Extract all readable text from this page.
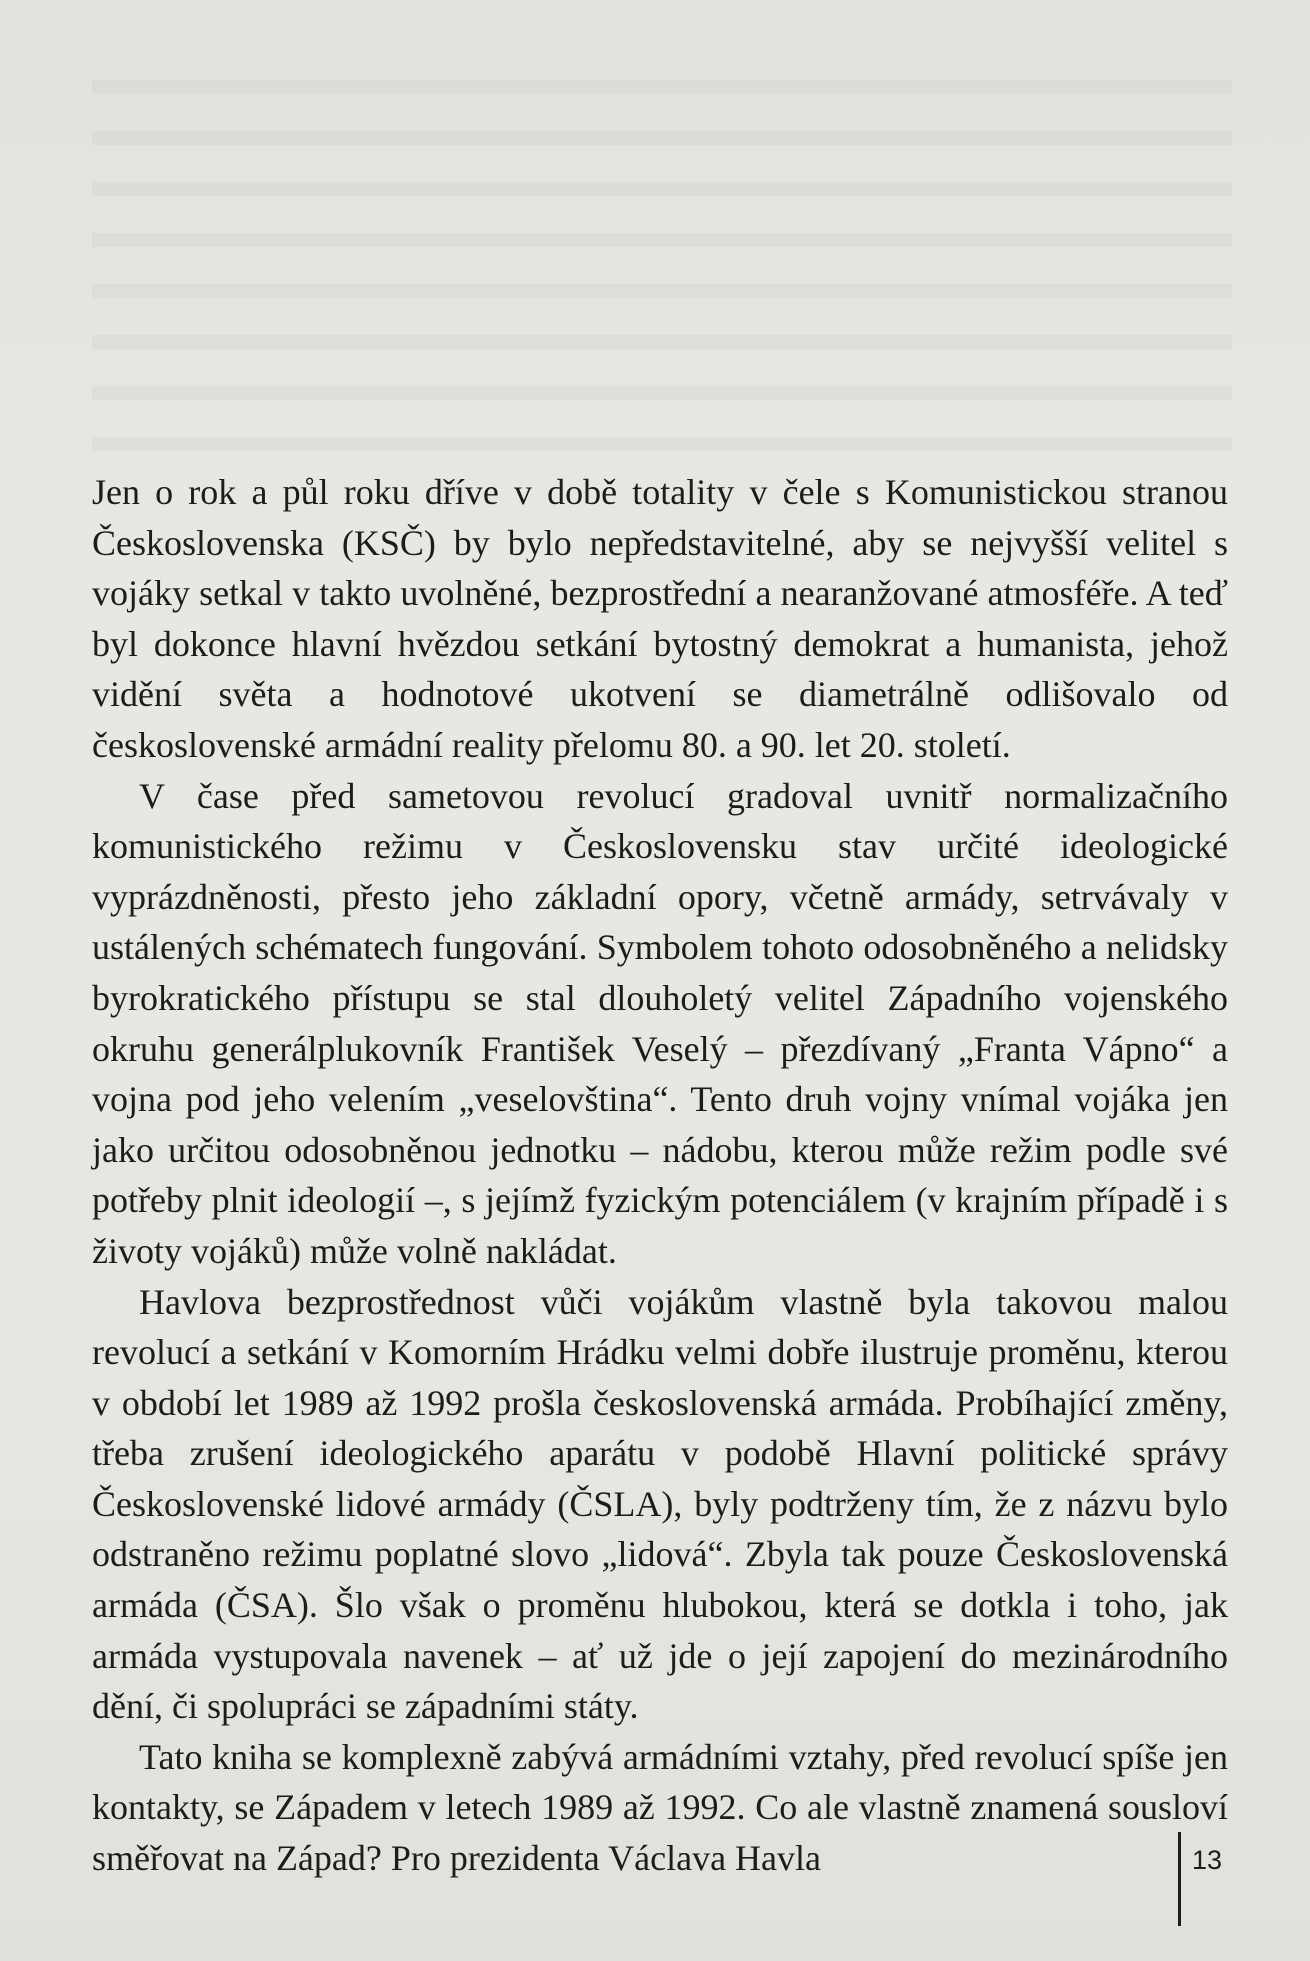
Jen o rok a půl roku dříve v době totality v čele s Komunistickou stranou Československa (KSČ) by bylo nepředstavitelné, aby se nejvyšší velitel s vojáky setkal v takto uvolněné, bezprostřední a nearanžované atmosféře. A teď byl dokonce hlavní hvězdou setkání bytostný demokrat a humanista, jehož vidění světa a hodnotové ukotvení se diametrálně odlišovalo od československé armádní reality přelomu 80. a 90. let 20. století.

V čase před sametovou revolucí gradoval uvnitř normalizačního komunistického režimu v Československu stav určité ideologické vyprázdněnosti, přesto jeho základní opory, včetně armády, setrvávaly v ustálených schématech fungování. Symbolem tohoto odosobněného a nelidsky byrokratického přístupu se stal dlouholetý velitel Západního vojenského okruhu generálplukovník František Veselý – přezdívaný „Franta Vápno“ a vojna pod jeho velením „veselovština“. Tento druh vojny vnímal vojáka jen jako určitou odosobněnou jednotku – nádobu, kterou může režim podle své potřeby plnit ideologií –, s jejímž fyzickým potenciálem (v krajním případě i s životy vojáků) může volně nakládat.

Havlova bezprostřednost vůči vojákům vlastně byla takovou malou revolucí a setkání v Komorním Hrádku velmi dobře ilustruje proměnu, kterou v období let 1989 až 1992 prošla československá armáda. Probíhající změny, třeba zrušení ideologického aparátu v podobě Hlavní politické správy Československé lidové armády (ČSLA), byly podtrženy tím, že z názvu bylo odstraněno režimu poplatné slovo „lidová“. Zbyla tak pouze Československá armáda (ČSA). Šlo však o proměnu hlubokou, která se dotkla i toho, jak armáda vystupovala navenek – ať už jde o její zapojení do mezinárodního dění, či spolupráci se západními státy.

Tato kniha se komplexně zabývá armádními vztahy, před revolucí spíše jen kontakty, se Západem v letech 1989 až 1992. Co ale vlastně znamená sousloví směřovat na Západ? Pro prezidenta Václava Havla	13
